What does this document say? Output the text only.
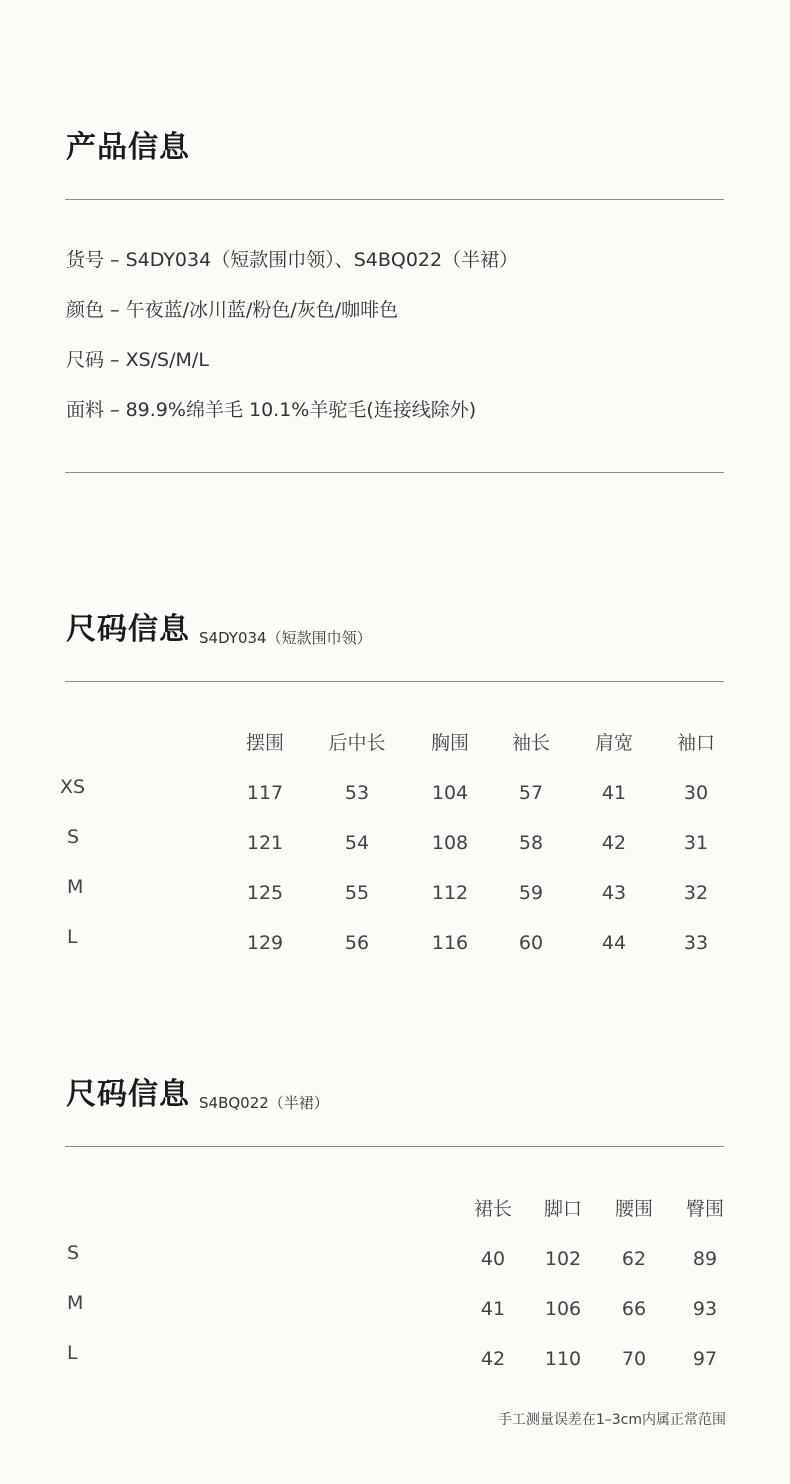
产品信息
货号 – S4DY034（短款围巾领）、S4BQ022（半裙）
颜色 – 午夜蓝/冰川蓝/粉色/灰色/咖啡色
尺码 – XS/S/M/L
面料 – 89.9%绵羊毛 10.1%羊驼毛(连接线除外)
尺码信息 S4DY034（短款围巾领）
摆围	后中长	胸围	袖长	肩宽	袖口
XS	117	53	104	57	41	30
S	121	54	108	58	42	31
M	125	55	112	59	43	32
L	129	56	116	60	44	33
尺码信息 S4BQ022（半裙）
裙长	脚口	腰围	臀围
S	40	102	62	89
M	41	106	66	93
L	42	110	70	97
手工测量误差在1–3cm内属正常范围
